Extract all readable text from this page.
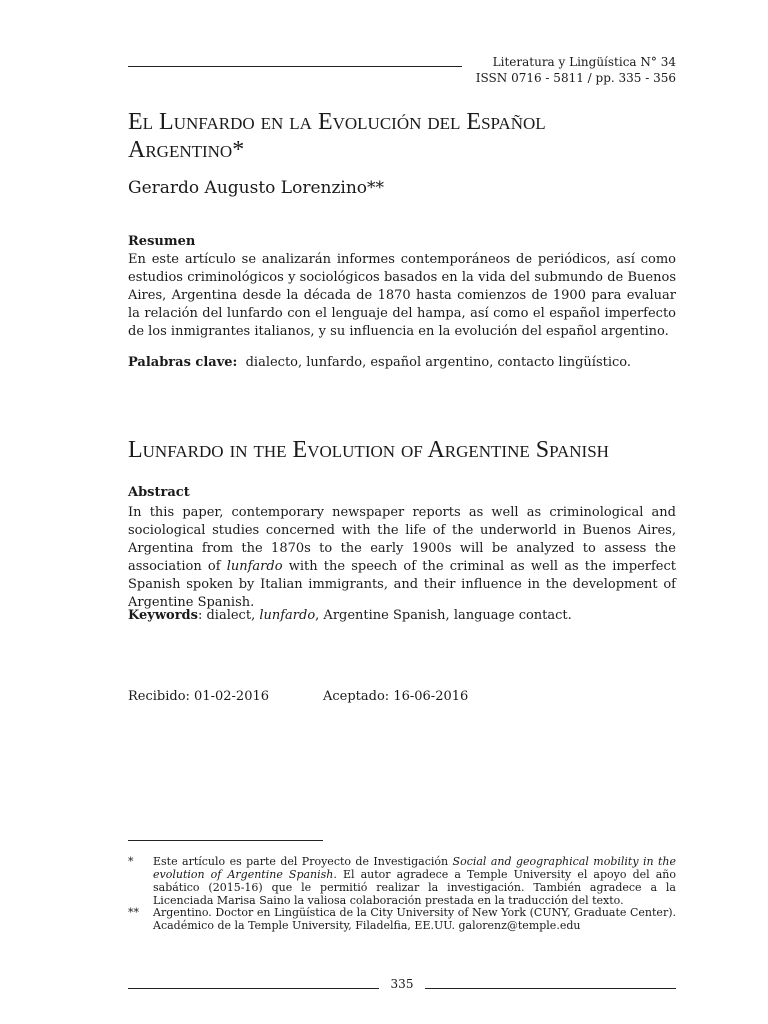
Literatura y Lingüística N° 34
ISSN 0716 - 5811 / pp. 335 - 356
El Lunfardo en la Evolución del Español
Argentino*

Gerardo Augusto Lorenzino**

Resumen

En este artículo se analizarán informes contemporáneos de periódicos, así como estudios criminológicos y sociológicos basados en la vida del submundo de Buenos Aires, Argentina desde la década de 1870 hasta comienzos de 1900 para evaluar la relación del lunfardo con el lenguaje del hampa, así como el español imperfecto de los inmigrantes italianos, y su influencia en la evolución del español argentino.

Palabras clave: dialecto, lunfardo, español argentino, contacto lingüístico.

Lunfardo in the Evolution of Argentine Spanish
Abstract

In this paper, contemporary newspaper reports as well as criminological and sociological studies concerned with the life of the underworld in Buenos Aires, Argentina from the 1870s to the early 1900s will be analyzed to assess the association of lunfardo with the speech of the criminal as well as the imperfect Spanish spoken by Italian immigrants, and their influence in the development of Argentine Spanish.

Keywords: dialect, lunfardo, Argentine Spanish, language contact.

Recibido: 01-02-2016	Aceptado: 16-06-2016
*	Este artículo es parte del Proyecto de Investigación Social and geographical mobility in the evolution of Argentine Spanish. El autor agradece a Temple University el apoyo del año sabático (2015-16) que le permitió realizar la investigación. También agradece a la Licenciada Marisa Saino la valiosa colaboración prestada en la traducción del texto.
**	Argentino. Doctor en Lingüística de la City University of New York (CUNY, Graduate Center). Académico de la Temple University, Filadelfia, EE.UU. galorenz@temple.edu
335
